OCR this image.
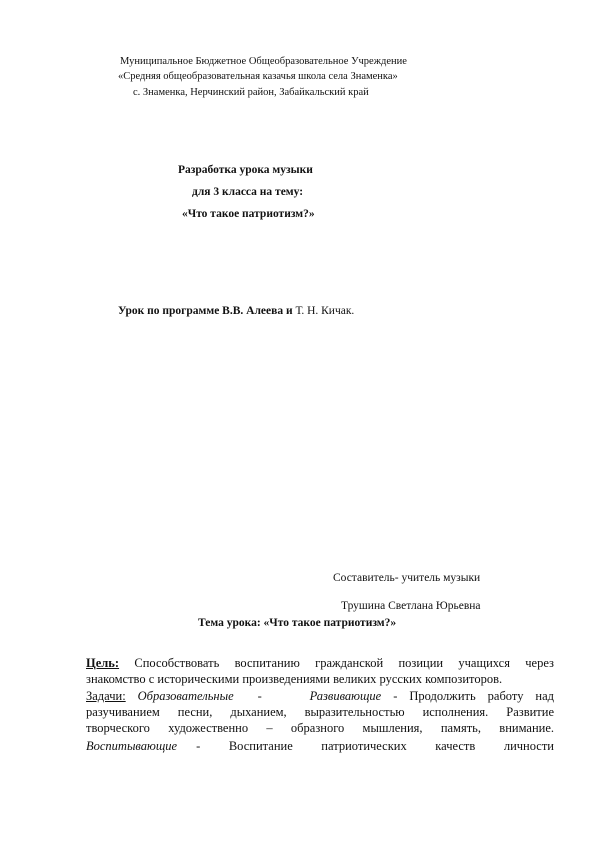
Муниципальное Бюджетное Общеобразовательное Учреждение
«Средняя общеобразовательная казачья школа села Знаменка»
с. Знаменка, Нерчинский район, Забайкальский край
Разработка урока музыки
для 3 класса на тему:
«Что такое патриотизм?»
Урок по программе В.В. Алеева и Т. Н. Кичак.
Составитель- учитель музыки
Трушина Светлана Юрьевна
Тема урока: «Что такое патриотизм?»
Цель: Способствовать воспитанию гражданской позиции учащихся через
знакомство с историческими произведениями великих русских композиторов.
Задачи: Образовательные  -    Развивающие - Продолжить работу над
разучиванием песни, дыханием, выразительностью исполнения. Развитие
творческого художественно – образного мышления, память, внимание.
Воспитывающие  -   Воспитание   патриотических   качеств   личности
